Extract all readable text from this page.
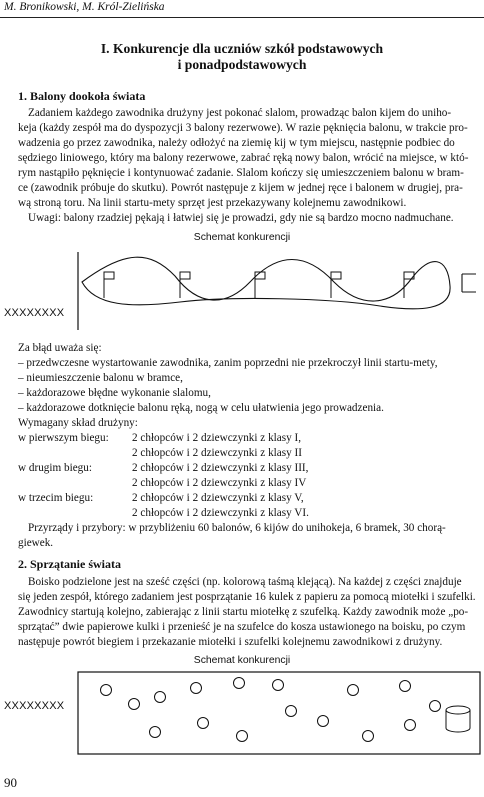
M. Bronikowski, M. Król-Zielińska
I. Konkurencje dla uczniów szkół podstawowych
i ponadpodstawowych
1. Balony dookoła świata
Zadaniem każdego zawodnika drużyny jest pokonać slalom, prowadząc balon kijem do uniho-
keja (każdy zespół ma do dyspozycji 3 balony rezerwowe). W razie pęknięcia balonu, w trakcie pro-
wadzenia go przez zawodnika, należy odłożyć na ziemię kij w tym miejscu, następnie podbiec do
sędziego liniowego, który ma balony rezerwowe, zabrać ręką nowy balon, wrócić na miejsce, w któ-
rym nastąpiło pęknięcie i kontynuować zadanie. Slalom kończy się umieszczeniem balonu w bram-
ce (zawodnik próbuje do skutku). Powrót następuje z kijem w jednej ręce i balonem w drugiej, pra-
wą stroną toru. Na linii startu-mety sprzęt jest przekazywany kolejnemu zawodnikowi.
Uwagi: balony rzadziej pękają i łatwiej się je prowadzi, gdy nie są bardzo mocno nadmuchane.
Schemat konkurencji
XXXXXXXX
Za błąd uważa się:
– przedwczesne wystartowanie zawodnika, zanim poprzedni nie przekroczył linii startu-mety,
– nieumieszczenie balonu w bramce,
– każdorazowe błędne wykonanie slalomu,
– każdorazowe dotknięcie balonu ręką, nogą w celu ułatwienia jego prowadzenia.
Wymagany skład drużyny:
w pierwszym biegu: 2 chłopców i 2 dziewczynki z klasy I,
2 chłopców i 2 dziewczynki z klasy II
w drugim biegu:	2 chłopców i 2 dziewczynki z klasy III,
2 chłopców i 2 dziewczynki z klasy IV
w trzecim biegu:	2 chłopców i 2 dziewczynki z klasy V,
2 chłopców i 2 dziewczynki z klasy VI.
Przyrządy i przybory: w przybliżeniu 60 balonów, 6 kijów do unihokeja, 6 bramek, 30 chorą-
giewek.
2. Sprzątanie świata
Boisko podzielone jest na sześć części (np. kolorową taśmą klejącą). Na każdej z części znajduje
się jeden zespół, którego zadaniem jest posprzątanie 16 kulek z papieru za pomocą miotełki i szufelki.
Zawodnicy startują kolejno, zabierając z linii startu miotełkę z szufelką. Każdy zawodnik może „po-
sprzątać” dwie papierowe kulki i przenieść je na szufelce do kosza ustawionego na boisku, po czym
następuje powrót biegiem i przekazanie miotełki i szufelki kolejnemu zawodnikowi z drużyny.
Schemat konkurencji
XXXXXXXX
90
